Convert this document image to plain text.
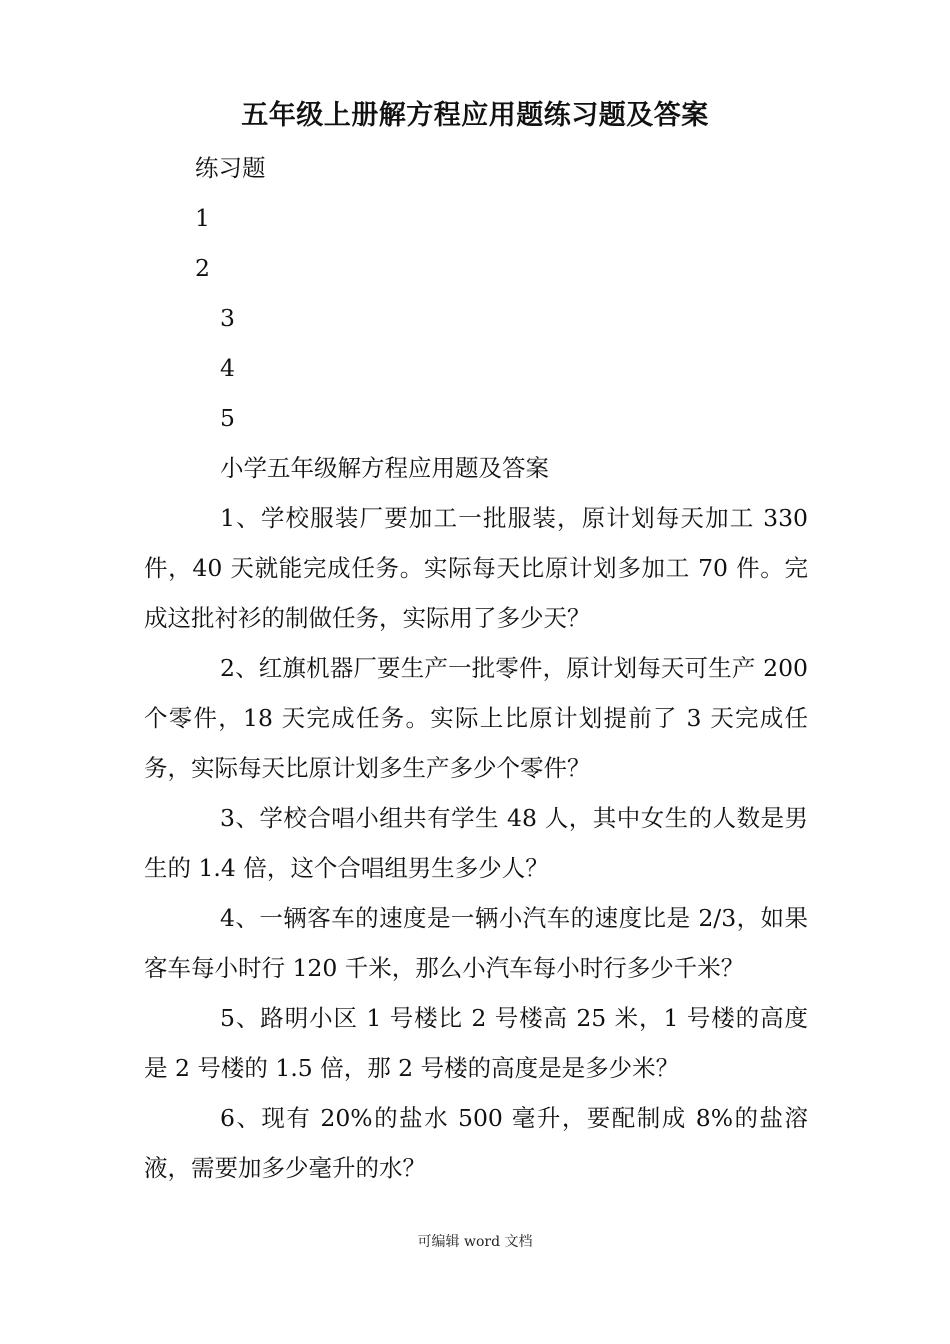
五年级上册解方程应用题练习题及答案
练习题
1
2
3
4
5
小学五年级解方程应用题及答案
1、学校服装厂要加工一批服装，原计划每天加工 330 件，40 天就能完成任务。实际每天比原计划多加工 70 件。完成这批衬衫的制做任务，实际用了多少天？
2、红旗机器厂要生产一批零件，原计划每天可生产 200 个零件，18 天完成任务。实际上比原计划提前了 3 天完成任务，实际每天比原计划多生产多少个零件？
3、学校合唱小组共有学生 48 人，其中女生的人数是男生的 1.4 倍，这个合唱组男生多少人？
4、一辆客车的速度是一辆小汽车的速度比是 2/3，如果客车每小时行 120 千米，那么小汽车每小时行多少千米？
5、路明小区 1 号楼比 2 号楼高 25 米，1 号楼的高度是 2 号楼的 1.5 倍，那 2 号楼的高度是是多少米？
6、现有 20%的盐水 500 毫升，要配制成 8%的盐溶液，需要加多少毫升的水？
可编辑 word 文档
